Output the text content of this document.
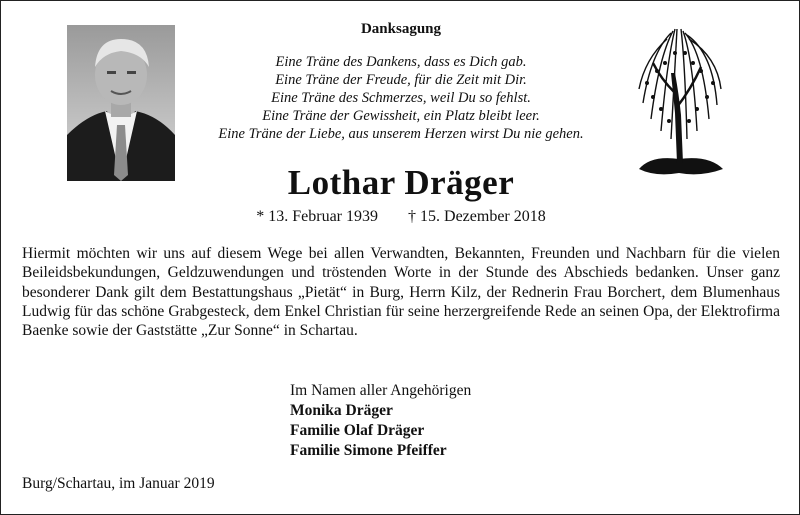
Danksagung
Eine Träne des Dankens, dass es Dich gab.
Eine Träne der Freude, für die Zeit mit Dir.
Eine Träne des Schmerzes, weil Du so fehlst.
Eine Träne der Gewissheit, ein Platz bleibt leer.
Eine Träne der Liebe, aus unserem Herzen wirst Du nie gehen.
Lothar Dräger
* 13. Februar 1939 † 15. Dezember 2018
Hiermit möchten wir uns auf diesem Wege bei allen Verwandten, Bekannten, Freunden und Nachbarn für die vielen Beileidsbekundungen, Geldzuwendungen und tröstenden Worte in der Stunde des Abschieds bedanken. Unser ganz besonderer Dank gilt dem Bestattungshaus „Pietät“ in Burg, Herrn Kilz, der Rednerin Frau Borchert, dem Blumenhaus Ludwig für das schöne Grabgesteck, dem Enkel Christian für seine herzergreifende Rede an seinen Opa, der Elektrofirma Baenke sowie der Gaststätte „Zur Sonne“ in Schartau.
Im Namen aller Angehörigen
Monika Dräger
Familie Olaf Dräger
Familie Simone Pfeiffer
Burg/Schartau, im Januar 2019
